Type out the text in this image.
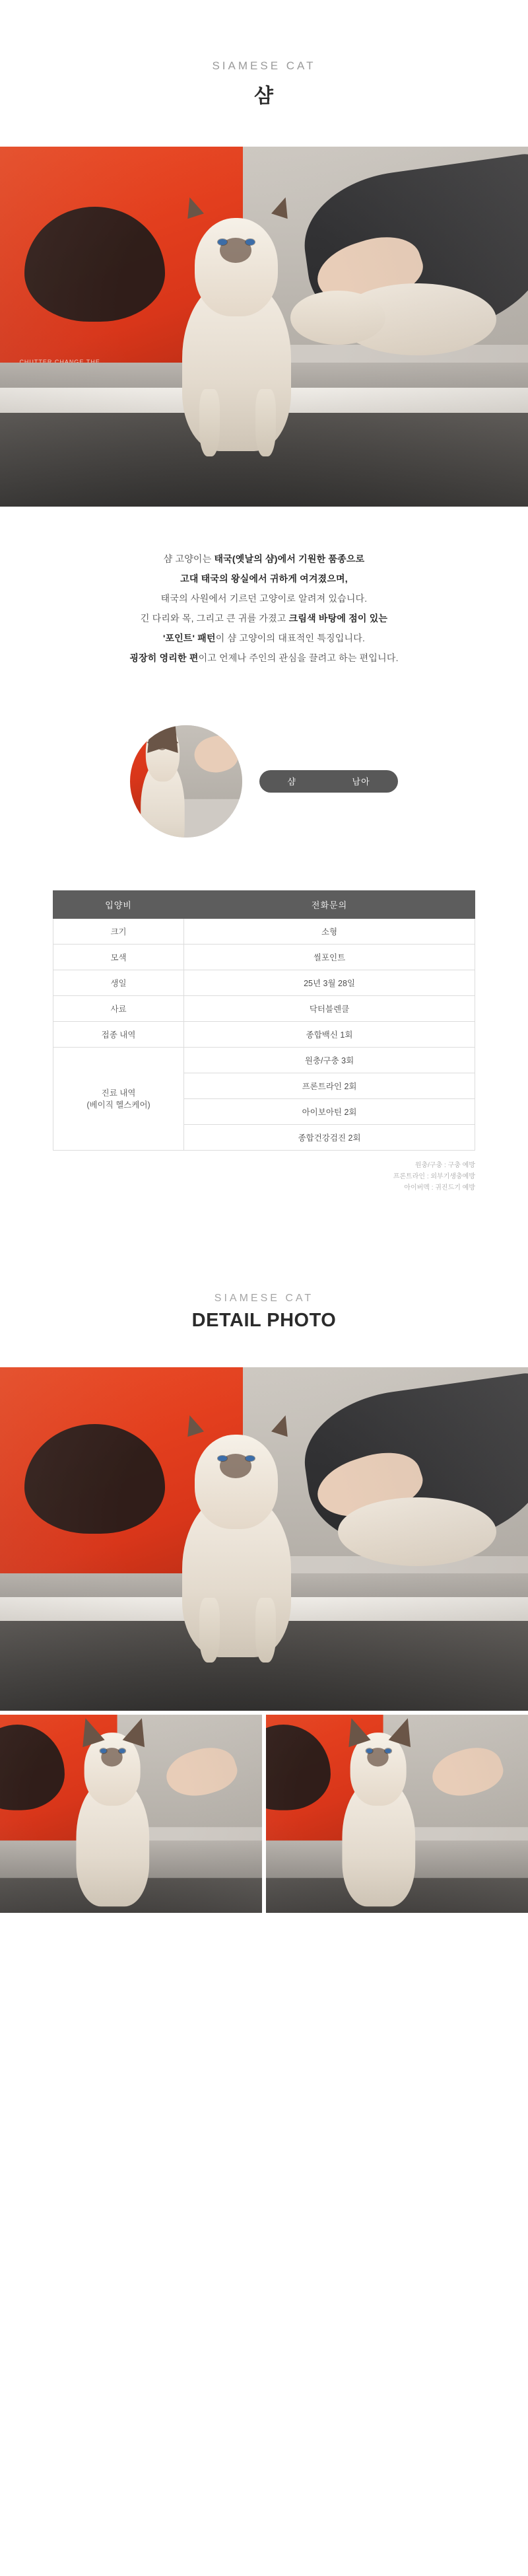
SIAMESE CAT
샴
샴 고양이는 태국(옛날의 샴)에서 기원한 품종으로
고대 태국의 왕실에서 귀하게 여겨졌으며,
태국의 사원에서 기르던 고양이로 알려져 있습니다.
긴 다리와 목, 그리고 큰 귀를 가졌고 크림색 바탕에 점이 있는
'포인트' 패턴이 샴 고양이의 대표적인 특징입니다.
굉장히 영리한 편이고 언제나 주인의 관심을 끌려고 하는 편입니다.
샴	남아
입양비	전화문의
크기	소형
모색	씰포인트
생일	25년 3월 28일
사료	닥터블렌클
접종 내역	종합백신 1회

진료 내역
(베이직 헬스케어)	원충/구충 3회
	프론트라인 2회
	아이보아틴 2회
	종합건강검진 2회
원충/구충 : 구충 예방
프론트라인 : 외부기생충예방
아이버멕 : 귀진드기 예방
SIAMESE CAT
DETAIL PHOTO
